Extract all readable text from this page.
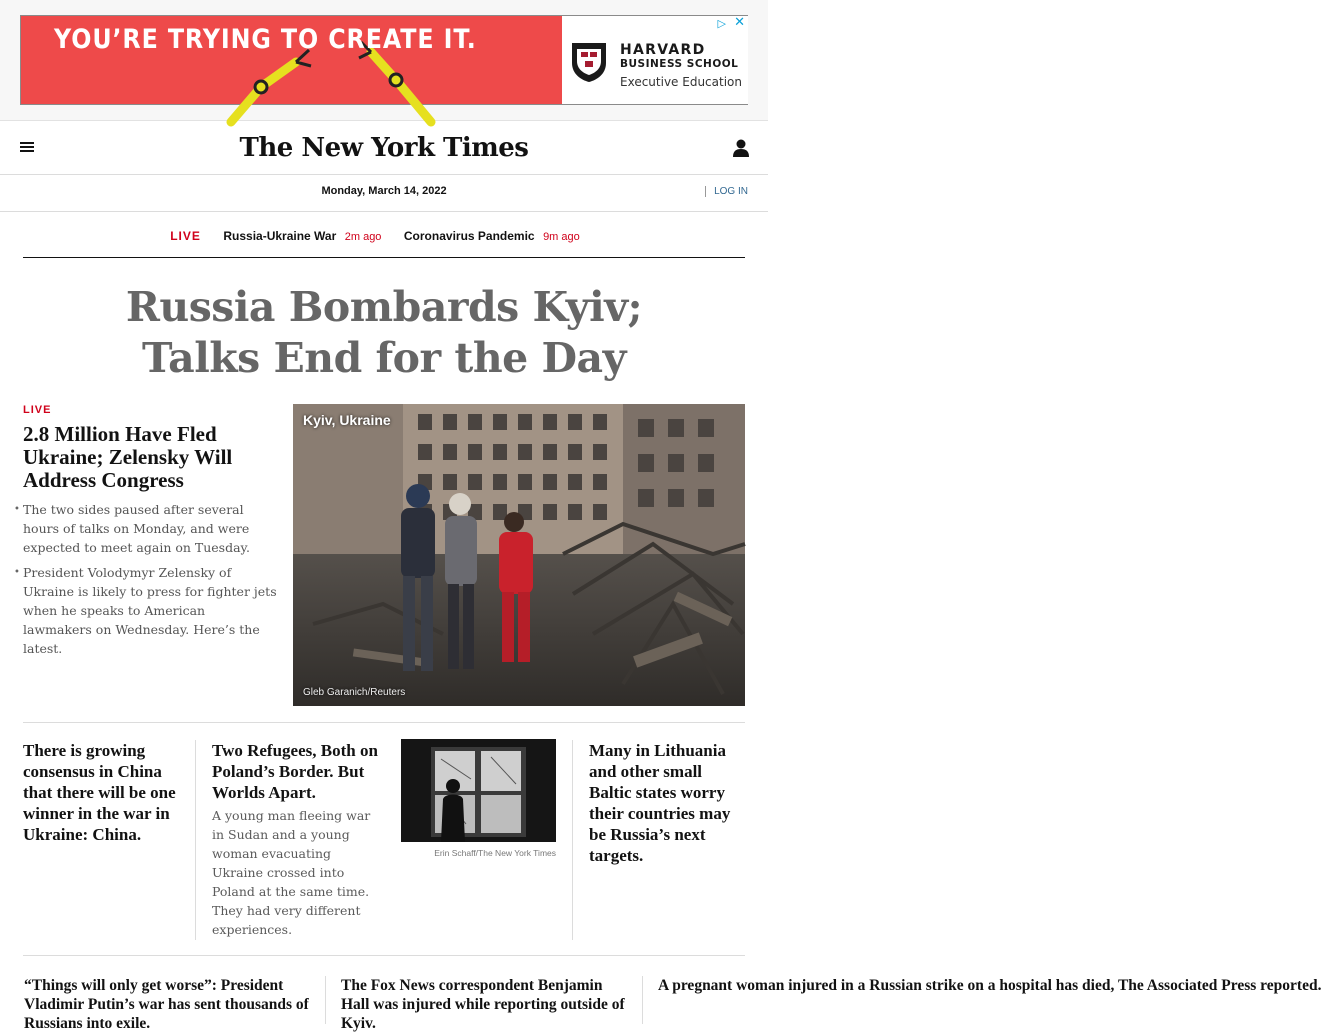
YOU’RE TRYING TO CREATE IT.	HARVARD
BUSINESS SCHOOL
Executive Education
▷ ✕
The New York Times
Monday, March 14, 2022	LOG IN
LIVE Russia-Ukraine War 2m ago Coronavirus Pandemic 9m ago
Russia Bombards Kyiv;
Talks End for the Day
LIVE
2.8 Million Have Fled Ukraine; Zelensky Will Address Congress
• The two sides paused after several hours of talks on Monday, and were expected to meet again on Tuesday.
• President Volodymyr Zelensky of Ukraine is likely to press for fighter jets when he speaks to American lawmakers on Wednesday. Here’s the latest.
Kyiv, Ukraine
Gleb Garanich/Reuters
There is growing consensus in China that there will be one winner in the war in Ukraine: China.
Two Refugees, Both on Poland’s Border. But Worlds Apart.
A young man fleeing war in Sudan and a young woman evacuating Ukraine crossed into Poland at the same time. They had very different experiences.
Erin Schaff/The New York Times
Many in Lithuania and other small Baltic states worry their countries may be Russia’s next targets.
“Things will only get worse”: President Vladimir Putin’s war has sent thousands of Russians into exile.
The Fox News correspondent Benjamin Hall was injured while reporting outside of Kyiv.
A pregnant woman injured in a Russian strike on a hospital has died, The Associated Press reported.
